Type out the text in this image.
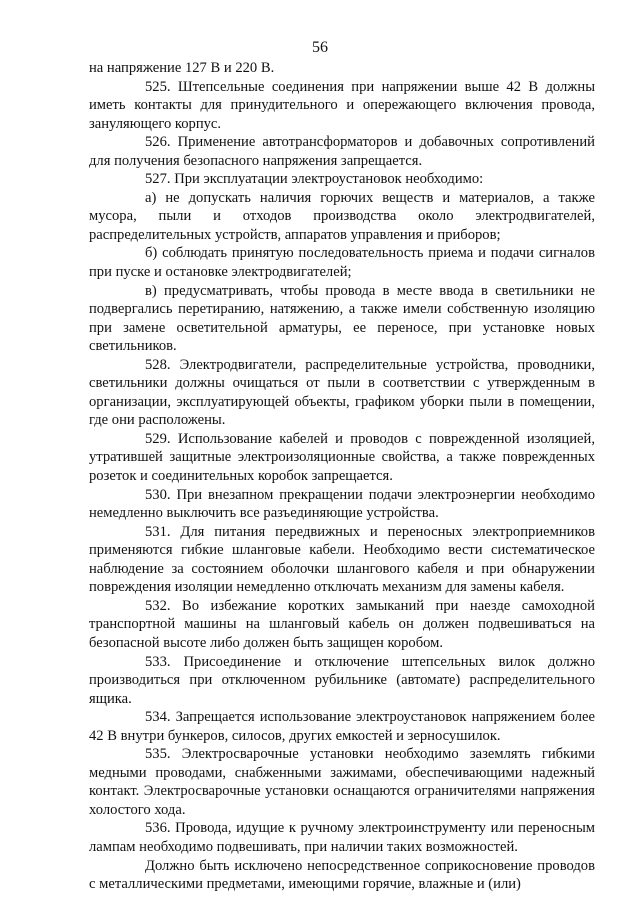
56

на напряжение 127 В и 220 В.

525. Штепсельные соединения при напряжении выше 42 В должны иметь контакты для принудительного и опережающего включения провода, зануляющего корпус.

526. Применение автотрансформаторов и добавочных сопротивлений для получения безопасного напряжения запрещается.

527. При эксплуатации электроустановок необходимо:

а) не допускать наличия горючих веществ и материалов, а также мусора, пыли и отходов производства около электродвигателей, распределительных устройств, аппаратов управления и приборов;

б) соблюдать принятую последовательность приема и подачи сигналов при пуске и остановке электродвигателей;

в) предусматривать, чтобы провода в месте ввода в светильники не подвергались перетиранию, натяжению, а также имели собственную изоляцию при замене осветительной арматуры, ее переносе, при установке новых светильников.

528. Электродвигатели, распределительные устройства, проводники, светильники должны очищаться от пыли в соответствии с утвержденным в организации, эксплуатирующей объекты, графиком уборки пыли в помещении, где они расположены.

529. Использование кабелей и проводов с поврежденной изоляцией, утратившей защитные электроизоляционные свойства, а также поврежденных розеток и соединительных коробок запрещается.

530. При внезапном прекращении подачи электроэнергии необходимо немедленно выключить все разъединяющие устройства.

531. Для питания передвижных и переносных электроприемников применяются гибкие шланговые кабели. Необходимо вести систематическое наблюдение за состоянием оболочки шлангового кабеля и при обнаружении повреждения изоляции немедленно отключать механизм для замены кабеля.

532. Во избежание коротких замыканий при наезде самоходной транспортной машины на шланговый кабель он должен подвешиваться на безопасной высоте либо должен быть защищен коробом.

533. Присоединение и отключение штепсельных вилок должно производиться при отключенном рубильнике (автомате) распределительного ящика.

534. Запрещается использование электроустановок напряжением более 42 В внутри бункеров, силосов, других емкостей и зерносушилок.

535. Электросварочные установки необходимо заземлять гибкими медными проводами, снабженными зажимами, обеспечивающими надежный контакт. Электросварочные установки оснащаются ограничителями напряжения холостого хода.

536. Провода, идущие к ручному электроинструменту или переносным лампам необходимо подвешивать, при наличии таких возможностей.

Должно быть исключено непосредственное соприкосновение проводов с металлическими предметами, имеющими горячие, влажные и (или)
